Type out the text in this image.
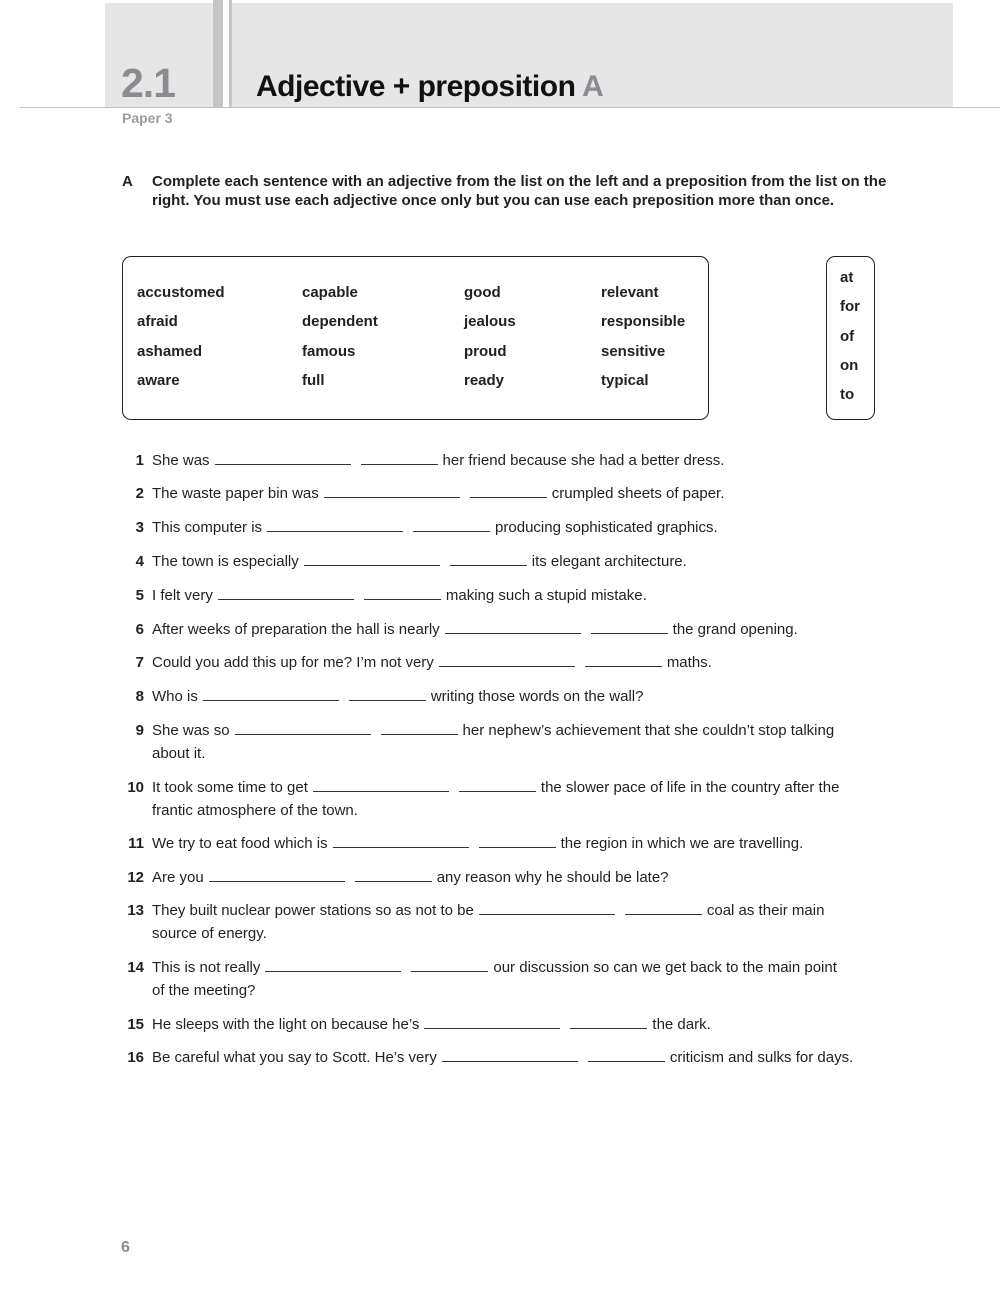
2.1	Adjective + preposition A
Paper 3
A Complete each sentence with an adjective from the list on the left and a preposition from the list on the right. You must use each adjective once only but you can use each preposition more than once.
accustomed	capable	good	relevant
afraid	dependent	jealous	responsible
ashamed	famous	proud	sensitive
aware	full	ready	typical
at
for
of
on
to
1 She was	her friend because she had a better dress.
2 The waste paper bin was	crumpled sheets of paper.
3 This computer is	producing sophisticated graphics.
4 The town is especially	its elegant architecture.
5 I felt very	making such a stupid mistake.
6 After weeks of preparation the hall is nearly	the grand opening.
7 Could you add this up for me? I’m not very	maths.
8 Who is	writing those words on the wall?
9 She was so	her nephew’s achievement that she couldn’t stop talking
about it.
10 It took some time to get	the slower pace of life in the country after the
frantic atmosphere of the town.
11 We try to eat food which is	the region in which we are travelling.
12 Are you	any reason why he should be late?
13 They built nuclear power stations so as not to be	coal as their main
source of energy.
14 This is not really	our discussion so can we get back to the main point
of the meeting?
15 He sleeps with the light on because he’s	the dark.
16 Be careful what you say to Scott. He’s very	criticism and sulks for days.
6
